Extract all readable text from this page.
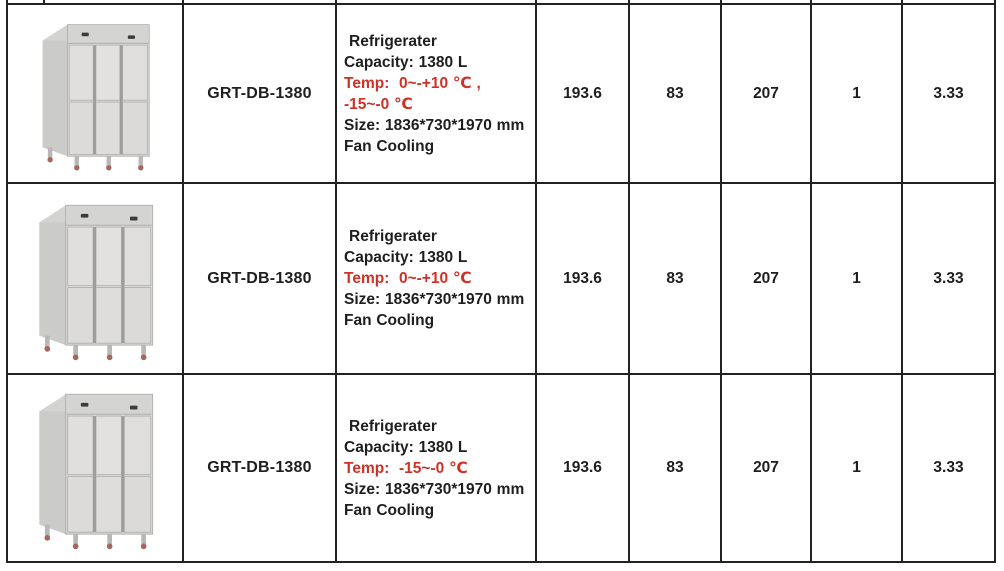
GRT-DB-1380
Refrigerater
Capacity: 1380 L
Temp:  0~-+10 ℃ , -15~-0 ℃
Size: 1836*730*1970 mm
Fan Cooling
193.6	83	207	1	3.33
GRT-DB-1380
Refrigerater
Capacity: 1380 L
Temp:  0~-+10 ℃
Size: 1836*730*1970 mm
Fan Cooling
193.6	83	207	1	3.33
GRT-DB-1380
Refrigerater
Capacity: 1380 L
Temp:  -15~-0 ℃
Size: 1836*730*1970 mm
Fan Cooling
193.6	83	207	1	3.33
